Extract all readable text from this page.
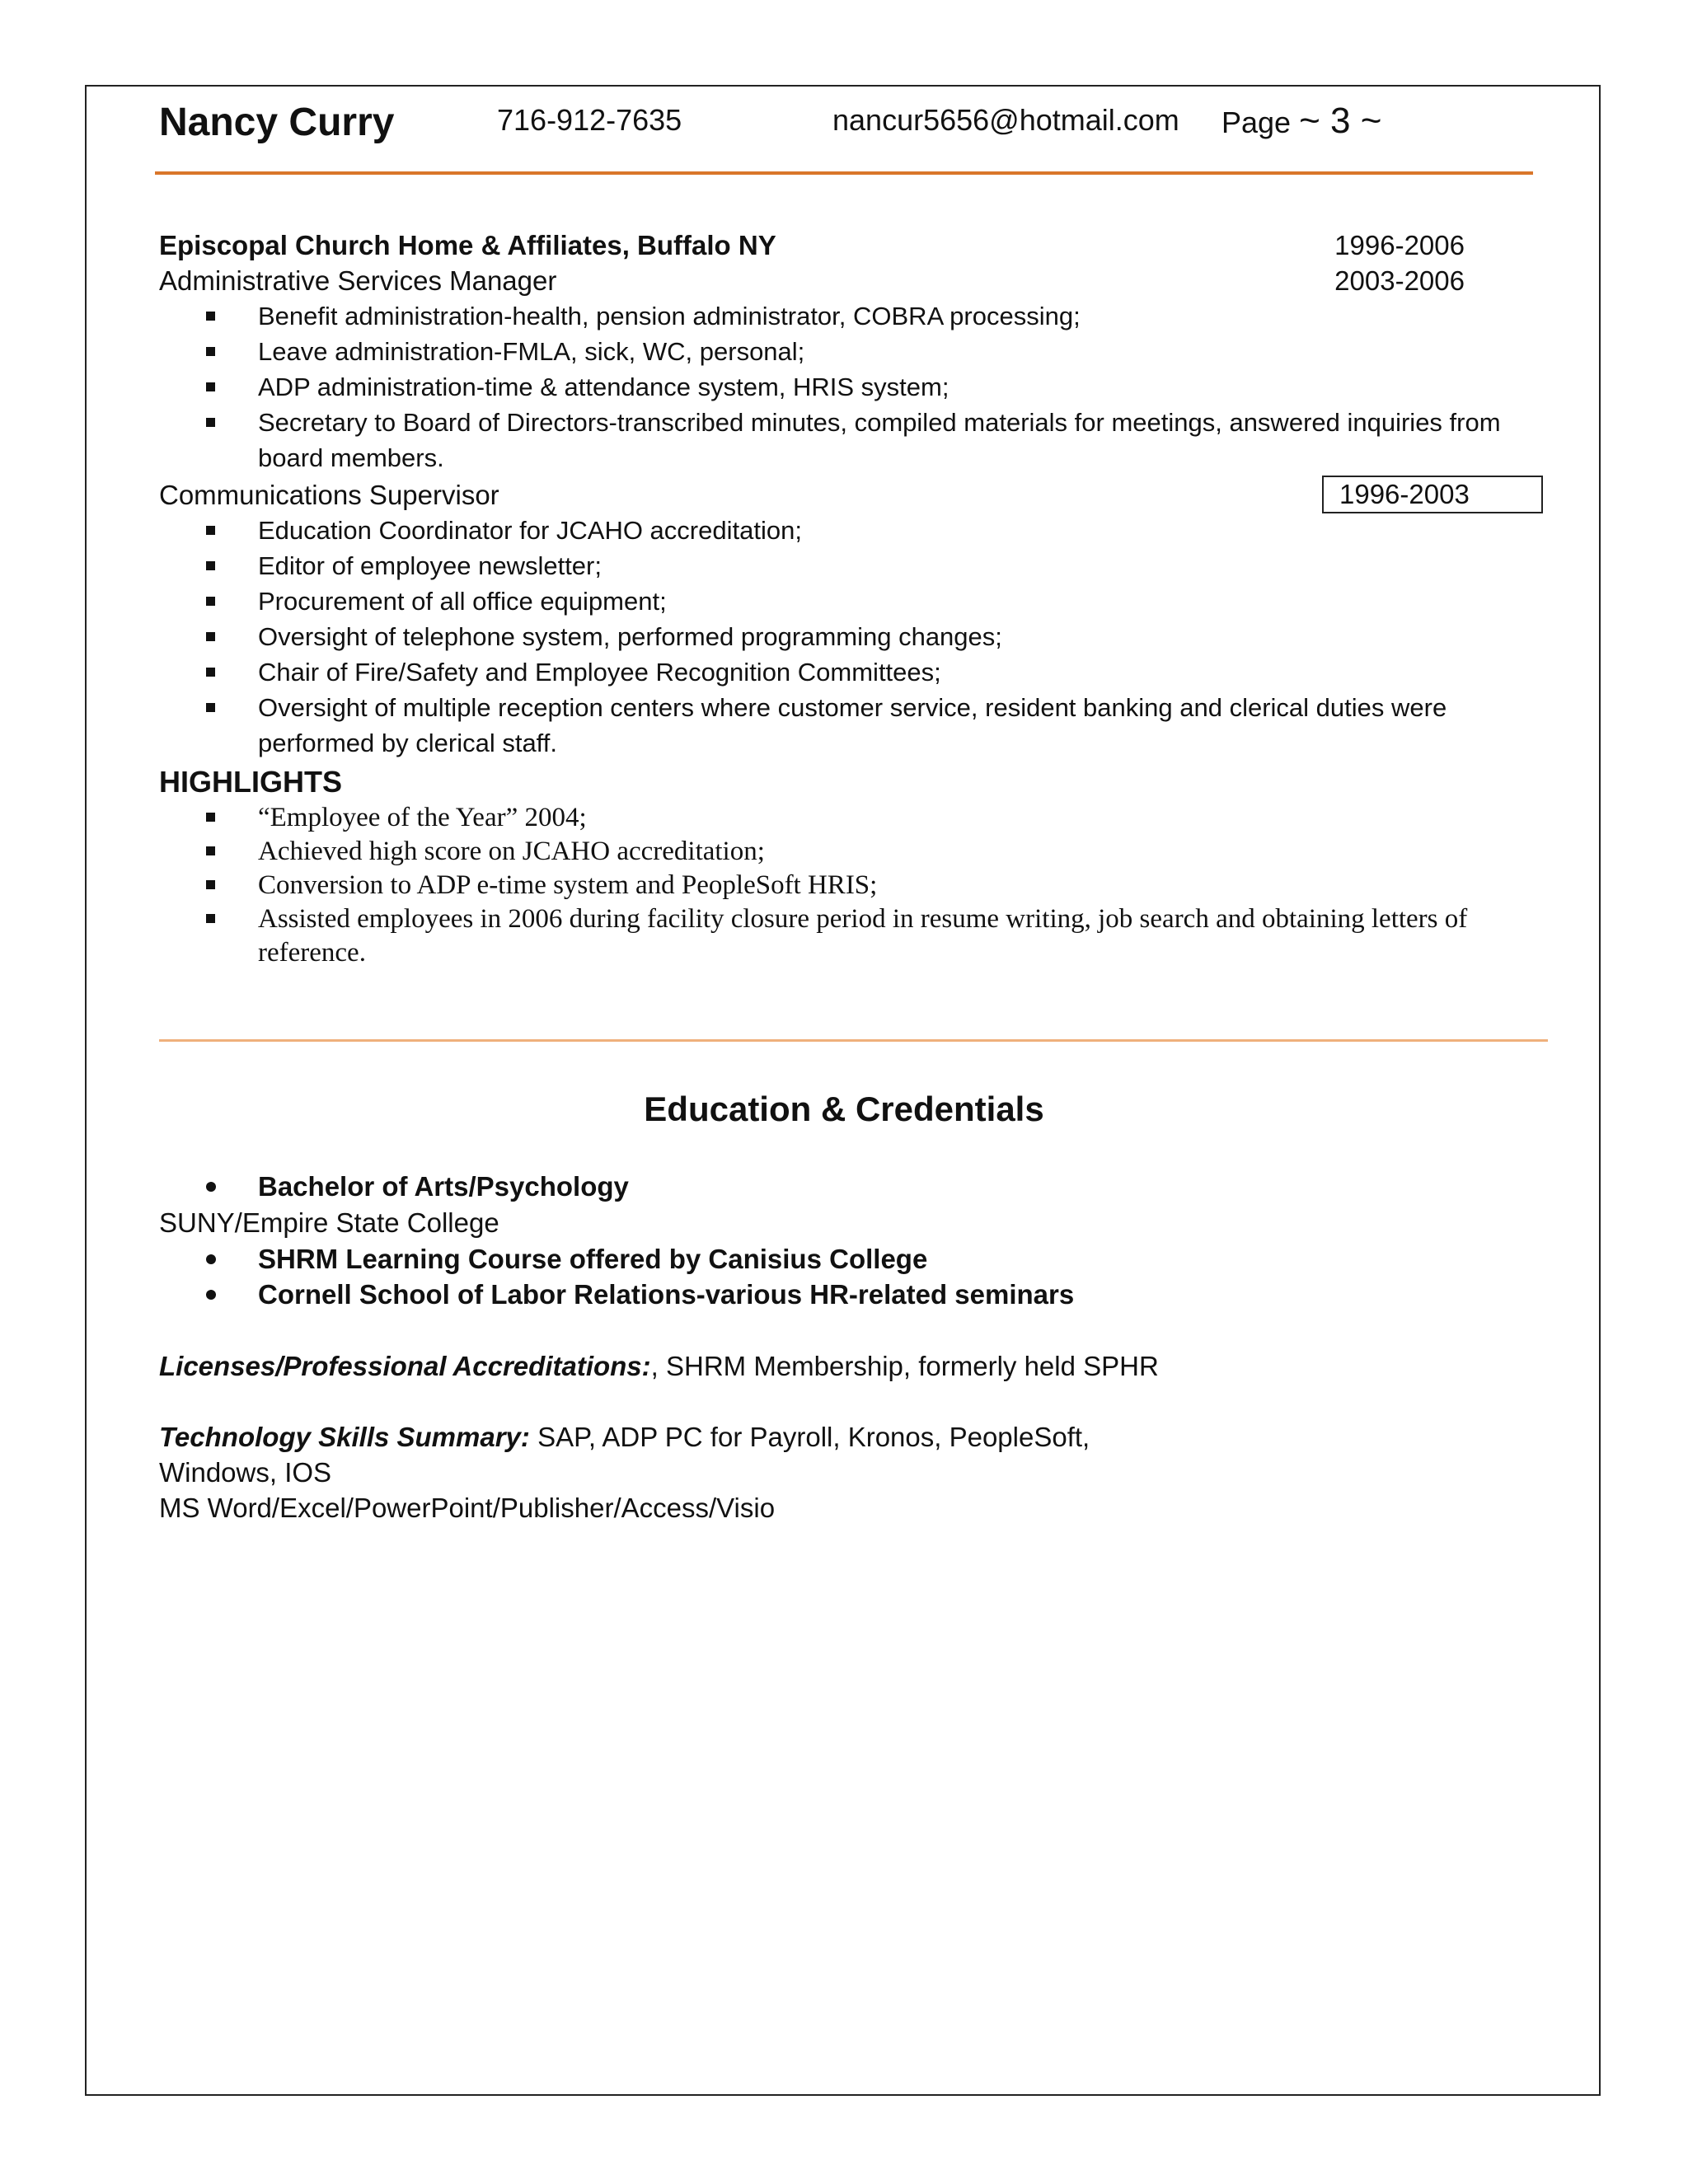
Nancy Curry	716-912-7635	nancur5656@hotmail.com Page ~ 3 ~
Episcopal Church Home & Affiliates, Buffalo NY	1996-2006
Administrative Services Manager	2003-2006
Benefit administration-health, pension administrator, COBRA processing;
Leave administration-FMLA, sick, WC, personal;
ADP administration-time & attendance system, HRIS system;
Secretary to Board of Directors-transcribed minutes, compiled materials for meetings, answered inquiries from
board members.
Communications Supervisor	1996-2003
Education Coordinator for JCAHO accreditation;
Editor of employee newsletter;
Procurement of all office equipment;
Oversight of telephone system, performed programming changes;
Chair of Fire/Safety and Employee Recognition Committees;
Oversight of multiple reception centers where customer service, resident banking and clerical duties were
performed by clerical staff.
HIGHLIGHTS
“Employee of the Year” 2004;
Achieved high score on JCAHO accreditation;
Conversion to ADP e-time system and PeopleSoft HRIS;
Assisted employees in 2006 during facility closure period in resume writing, job search and obtaining letters of
reference.
Education & Credentials
Bachelor of Arts/Psychology
SUNY/Empire State College
SHRM Learning Course offered by Canisius College
Cornell School of Labor Relations-various HR-related seminars
Licenses/Professional Accreditations:, SHRM Membership, formerly held SPHR
Technology Skills Summary: SAP, ADP PC for Payroll, Kronos, PeopleSoft,
Windows, IOS
MS Word/Excel/PowerPoint/Publisher/Access/Visio
